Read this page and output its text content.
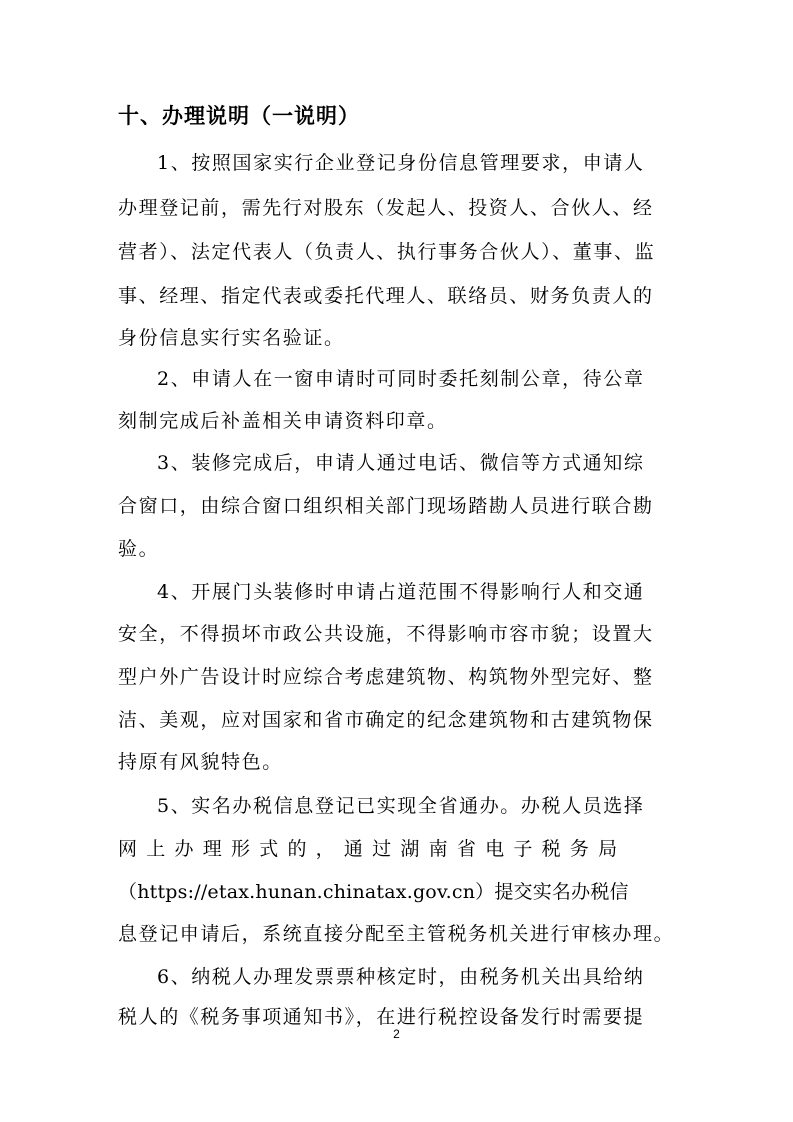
十、办理说明（一说明）
1、按照国家实行企业登记身份信息管理要求，申请人
办理登记前，需先行对股东（发起人、投资人、合伙人、经
营者）、法定代表人（负责人、执行事务合伙人）、董事、监
事、经理、指定代表或委托代理人、联络员、财务负责人的
身份信息实行实名验证。
2、申请人在一窗申请时可同时委托刻制公章，待公章
刻制完成后补盖相关申请资料印章。
3、装修完成后，申请人通过电话、微信等方式通知综
合窗口，由综合窗口组织相关部门现场踏勘人员进行联合勘
验。
4、开展门头装修时申请占道范围不得影响行人和交通
安全，不得损坏市政公共设施，不得影响市容市貌；设置大
型户外广告设计时应综合考虑建筑物、构筑物外型完好、整
洁、美观，应对国家和省市确定的纪念建筑物和古建筑物保
持原有风貌特色。
5、实名办税信息登记已实现全省通办。办税人员选择
网 上 办 理 形 式 的 ， 通 过 湖 南 省 电 子 税 务 局
（https://etax.hunan.chinatax.gov.cn）提交实名办税信
息登记申请后，系统直接分配至主管税务机关进行审核办理。
6、纳税人办理发票票种核定时，由税务机关出具给纳
税人的《税务事项通知书》，在进行税控设备发行时需要提
2
